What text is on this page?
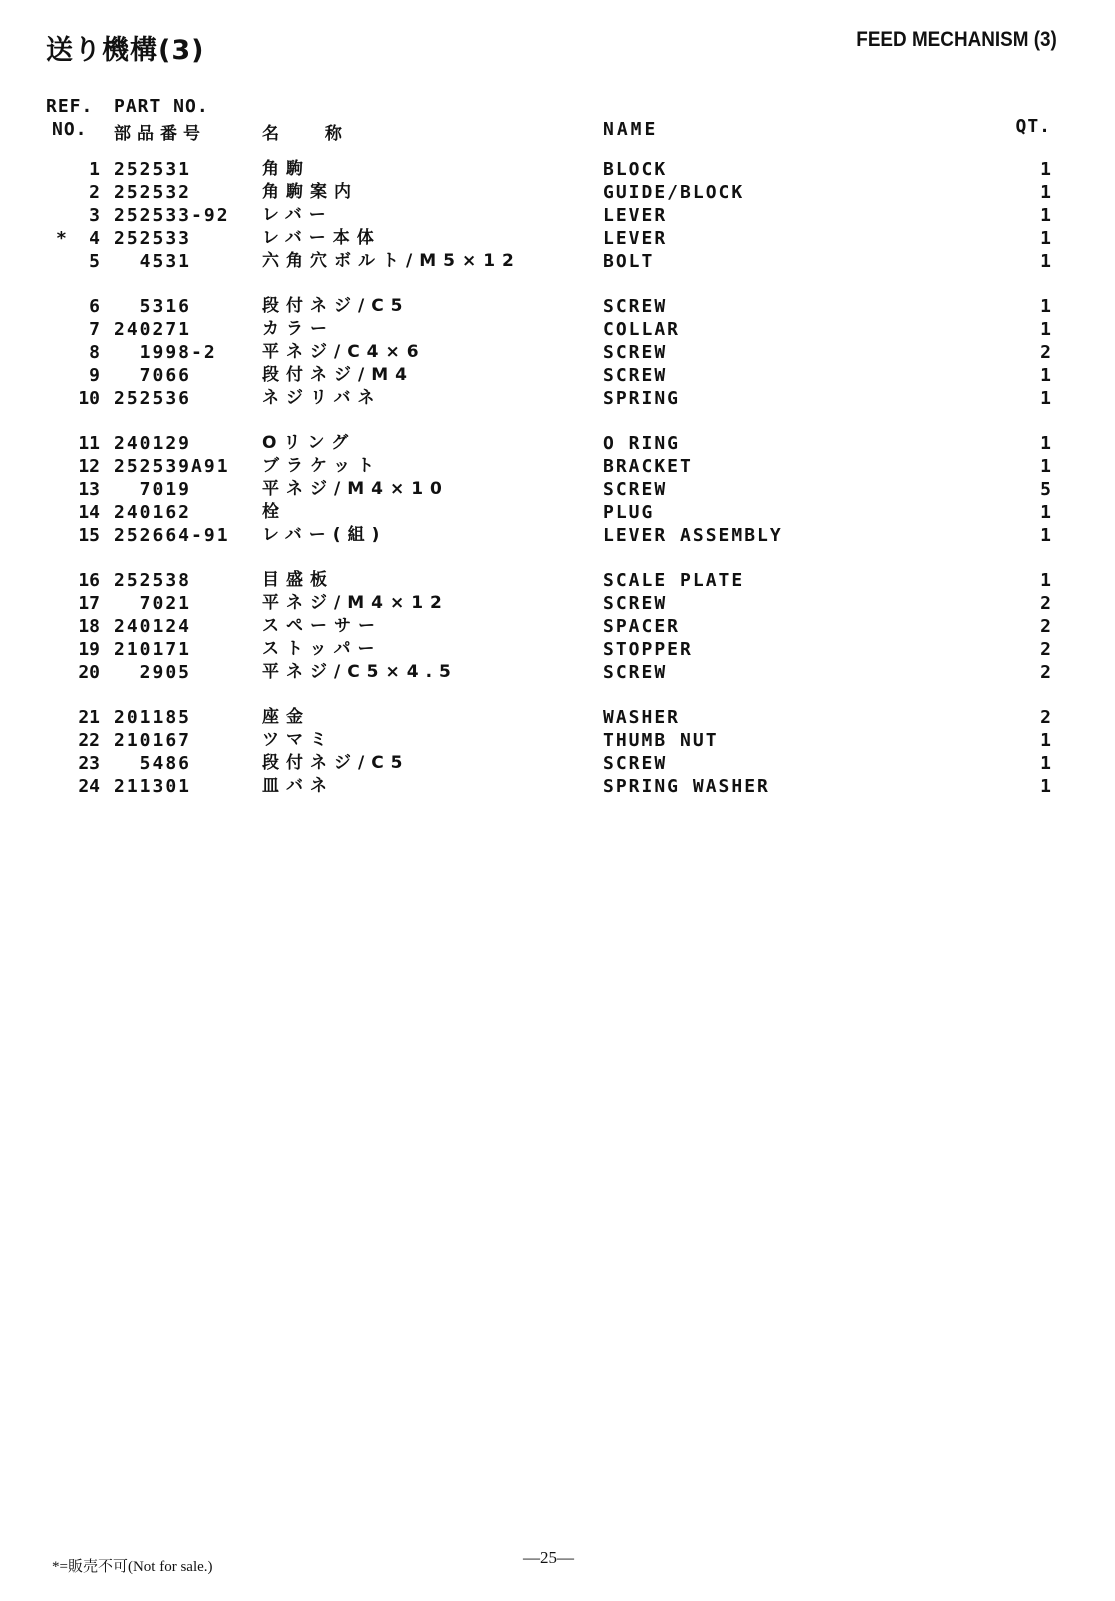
送り機構(3)	FEED MECHANISM (3)
REF.
NO.
PART NO.
部品番号	名 称	NAME	QT.
1 252531	角駒	BLOCK	1
2 252532	角駒案内	GUIDE/BLOCK	1
3 252533-92 レバー	LEVER	1
*	4 252533	レバー本体	LEVER	1
5 4531	六角穴ボルト/M5×12	BOLT	1
6 5316	段付ネジ/C5	SCREW	1
7 240271	カラー	COLLAR	1
8 1998-2	平ネジ/C4×6	SCREW	2
9 7066	段付ネジ/M4	SCREW	1
10 252536	ネジリバネ	SPRING	1
11 240129	Oリング	O RING	1
12 252539A91 ブラケット	BRACKET	1
13 7019	平ネジ/M4×10	SCREW	5
14 240162	栓	PLUG	1
15 252664-91 レバー(組)	LEVER ASSEMBLY	1
16 252538	目盛板	SCALE PLATE	1
17 7021	平ネジ/M4×12	SCREW	2
18 240124	スペーサー	SPACER	2
19 210171	ストッパー	STOPPER	2
20 2905	平ネジ/C5×4.5	SCREW	2
21 201185	座金	WASHER	2
22 210167	ツマミ	THUMB NUT	1
23 5486	段付ネジ/C5	SCREW	1
24 211301	皿バネ	SPRING WASHER	1
*=販売不可(Not for sale.)	—25—
